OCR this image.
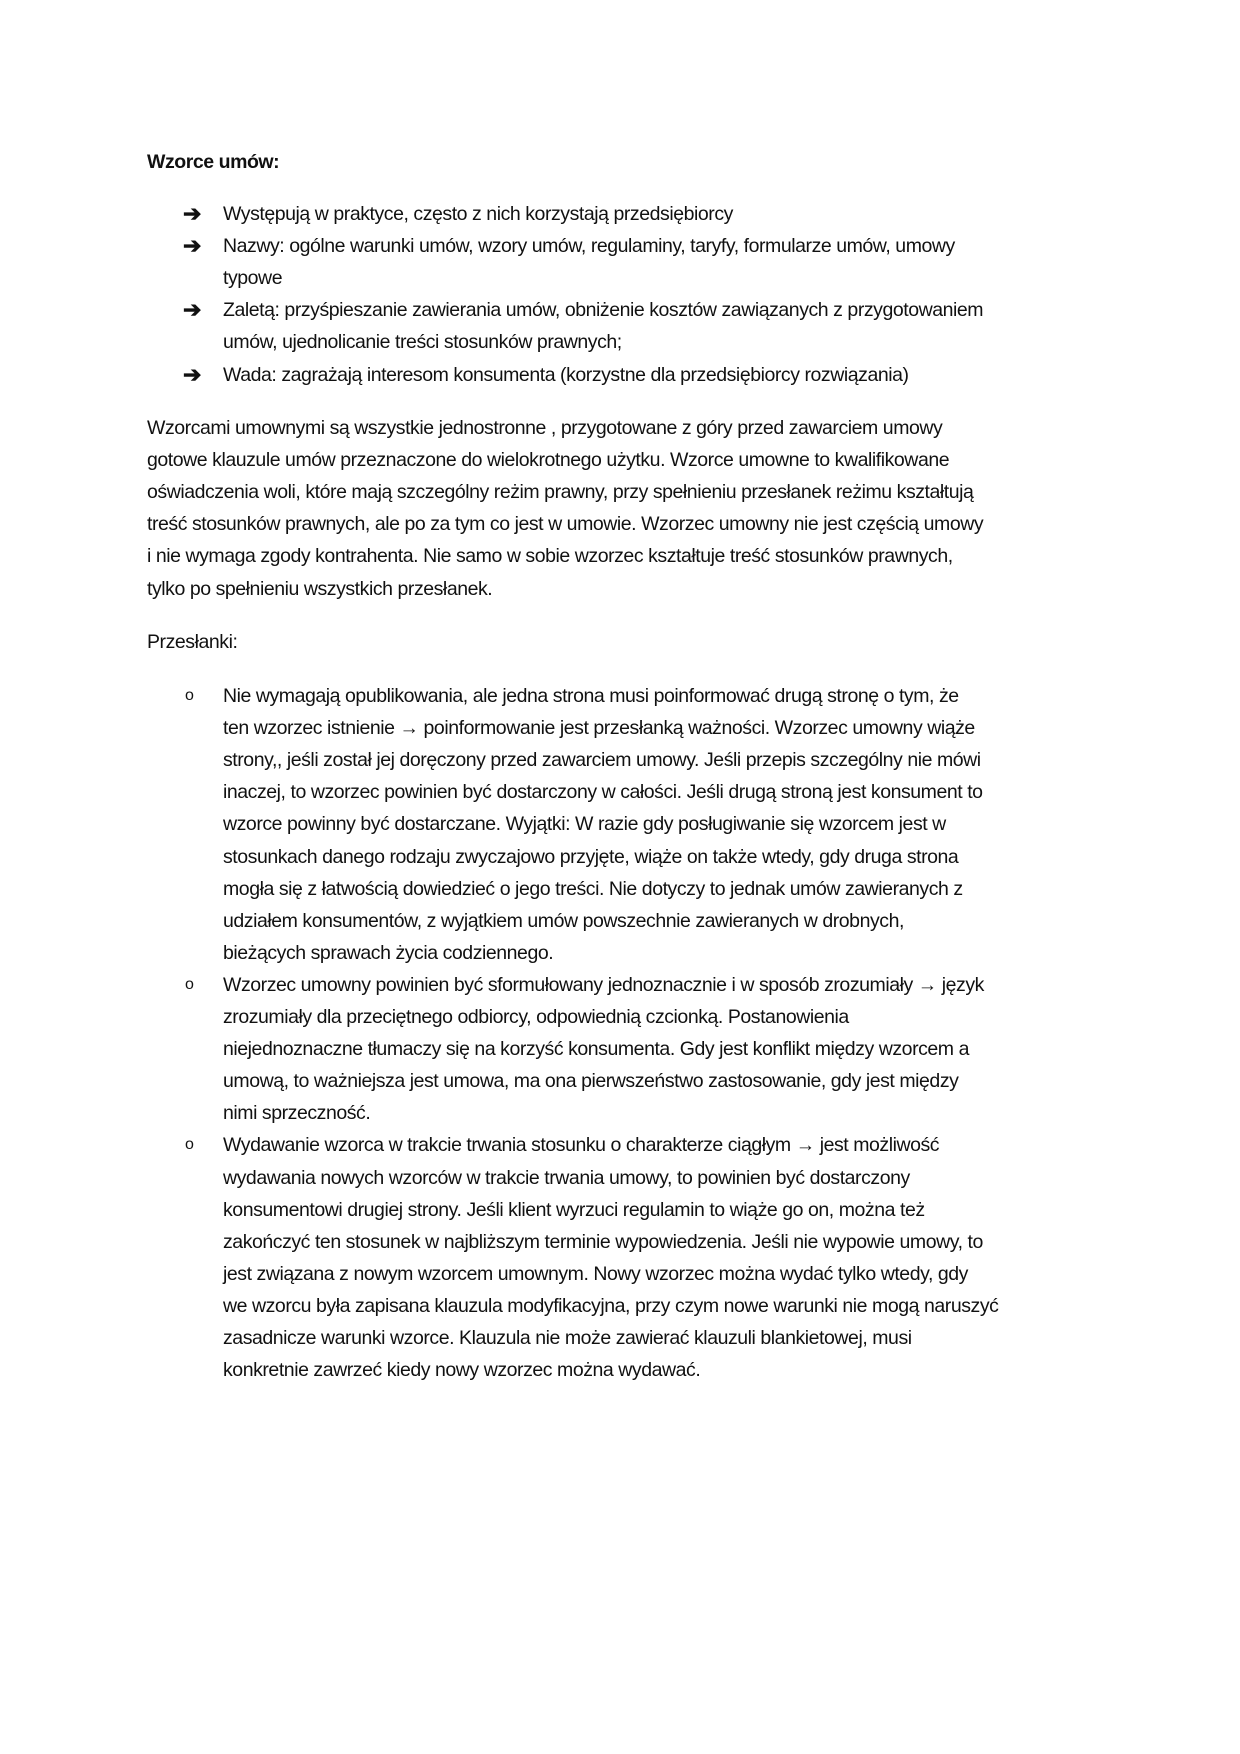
Wzorce umów:
➔ Występują w praktyce, często z nich korzystają przedsiębiorcy
➔ Nazwy: ogólne warunki umów, wzory umów, regulaminy, taryfy, formularze umów, umowy
typowe
➔ Zaletą: przyśpieszanie zawierania umów, obniżenie kosztów zawiązanych z przygotowaniem
umów, ujednolicanie treści stosunków prawnych;
➔ Wada: zagrażają interesom konsumenta (korzystne dla przedsiębiorcy rozwiązania)
Wzorcami umownymi są wszystkie jednostronne , przygotowane z góry przed zawarciem umowy
gotowe klauzule umów przeznaczone do wielokrotnego użytku. Wzorce umowne to kwalifikowane
oświadczenia woli, które mają szczególny reżim prawny, przy spełnieniu przesłanek reżimu kształtują
treść stosunków prawnych, ale po za tym co jest w umowie. Wzorzec umowny nie jest częścią umowy
i nie wymaga zgody kontrahenta. Nie samo w sobie wzorzec kształtuje treść stosunków prawnych,
tylko po spełnieniu wszystkich przesłanek.
Przesłanki:
o Nie wymagają opublikowania, ale jedna strona musi poinformować drugą stronę o tym, że
ten wzorzec istnienie → poinformowanie jest przesłanką ważności. Wzorzec umowny wiąże
strony,, jeśli został jej doręczony przed zawarciem umowy. Jeśli przepis szczególny nie mówi
inaczej, to wzorzec powinien być dostarczony w całości. Jeśli drugą stroną jest konsument to
wzorce powinny być dostarczane. Wyjątki: W razie gdy posługiwanie się wzorcem jest w
stosunkach danego rodzaju zwyczajowo przyjęte, wiąże on także wtedy, gdy druga strona
mogła się z łatwością dowiedzieć o jego treści. Nie dotyczy to jednak umów zawieranych z
udziałem konsumentów, z wyjątkiem umów powszechnie zawieranych w drobnych,
bieżących sprawach życia codziennego.
o Wzorzec umowny powinien być sformułowany jednoznacznie i w sposób zrozumiały → język
zrozumiały dla przeciętnego odbiorcy, odpowiednią czcionką. Postanowienia
niejednoznaczne tłumaczy się na korzyść konsumenta. Gdy jest konflikt między wzorcem a
umową, to ważniejsza jest umowa, ma ona pierwszeństwo zastosowanie, gdy jest między
nimi sprzeczność.
o Wydawanie wzorca w trakcie trwania stosunku o charakterze ciągłym → jest możliwość
wydawania nowych wzorców w trakcie trwania umowy, to powinien być dostarczony
konsumentowi drugiej strony. Jeśli klient wyrzuci regulamin to wiąże go on, można też
zakończyć ten stosunek w najbliższym terminie wypowiedzenia. Jeśli nie wypowie umowy, to
jest związana z nowym wzorcem umownym. Nowy wzorzec można wydać tylko wtedy, gdy
we wzorcu była zapisana klauzula modyfikacyjna, przy czym nowe warunki nie mogą naruszyć
zasadnicze warunki wzorce. Klauzula nie może zawierać klauzuli blankietowej, musi
konkretnie zawrzeć kiedy nowy wzorzec można wydawać.
